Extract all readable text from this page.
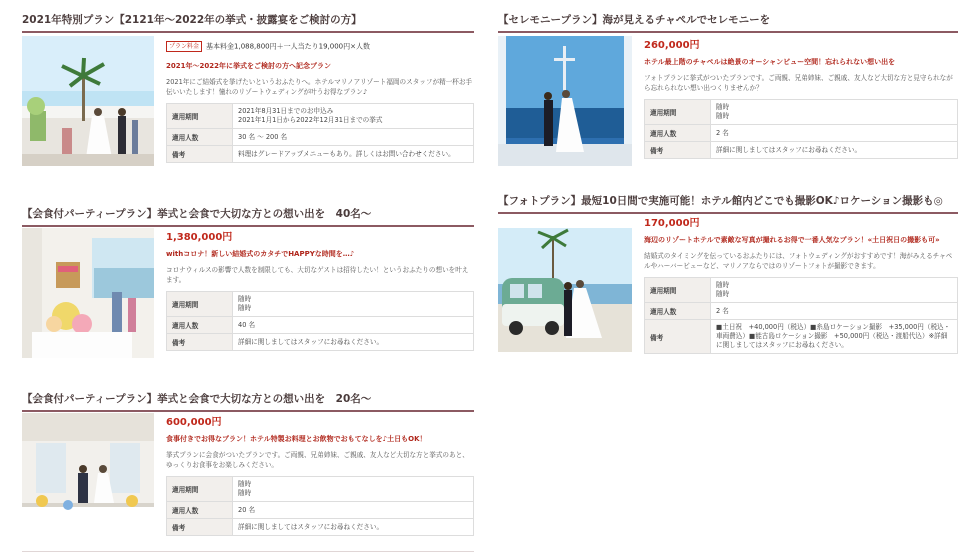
2021年特別プラン【2121年〜2022年の挙式・披露宴をご検討の方】
プラン料金 基本料金1,088,800円＋一人当たり19,000円×人数
2021年〜2022年に挙式をご検討の方へ記念プラン
2021年にご結婚式を挙げたいというおふたりへ。ホテルマリノアリゾート福岡のスタッフが精一杯お手伝いいたします！憧れのリゾートウェディングが叶うお得なプラン♪
適用期間	2021年8月31日までのお申込み
2021年1月1日から2022年12月31日までの挙式
適用人数	30 名 〜 200 名
備考	料理はグレードアップメニューもあり。詳しくはお問い合わせください。
【会食付パーティープラン】挙式と会食で大切な方との想い出を　40名〜
1,380,000円
withコロナ！新しい結婚式のカタチでHAPPYな時間を…♪
コロナウィルスの影響で人数を制限しても、大切なゲストは招待したい！というおふたりの想いを叶えます。
適用期間	随時
随時
適用人数	40 名
備考	詳細に関しましてはスタッフにお尋ねください。
【会食付パーティープラン】挙式と会食で大切な方との想い出を　20名〜
600,000円
食事付きでお得なプラン！ホテル特製お料理とお飲物でおもてなしを♪土日もOK！
挙式プランに会食がついたプランです。ご両親、兄弟姉妹、ご親戚、友人など大切な方と挙式のあと、ゆっくりお食事をお楽しみください。
適用期間	随時
随時
適用人数	20 名
備考	詳細に関しましてはスタッフにお尋ねください。
【セレモニープラン】海が見えるチャペルでセレモニーを
260,000円
ホテル最上階のチャペルは絶景のオーシャンビュー空間！忘れられない想い出を
フォトプランに挙式がついたプランです。ご両親、兄弟姉妹、ご親戚、友人など大切な方と見守られながら忘れられない想い出つくりませんか？
適用期間	随時
随時
適用人数	2 名
備考	詳細に関しましてはスタッフにお尋ねください。
【フォトプラン】最短10日間で実施可能！ホテル館内どこでも撮影OK♪ロケーション撮影も◎
170,000円
海辺のリゾートホテルで素敵な写真が撮れるお得で一番人気なプラン！«土日祝日の撮影も可»
結婚式のタイミングを伝っているおふたりには、フォトウェディングがおすすめです！海がみえるチャペルやハーバービューなど、マリノアならではのリゾートフォトが撮影できます。
適用期間	随時
随時
適用人数	2 名
備考	■土日祝　+40,000円（税込）■糸島ロケーション撮影　+35,000円（税込・車両費込）■能古島ロケーション撮影　+50,000円（税込・渡船代込）※詳細に関しましてはスタッフにお尋ねください。
